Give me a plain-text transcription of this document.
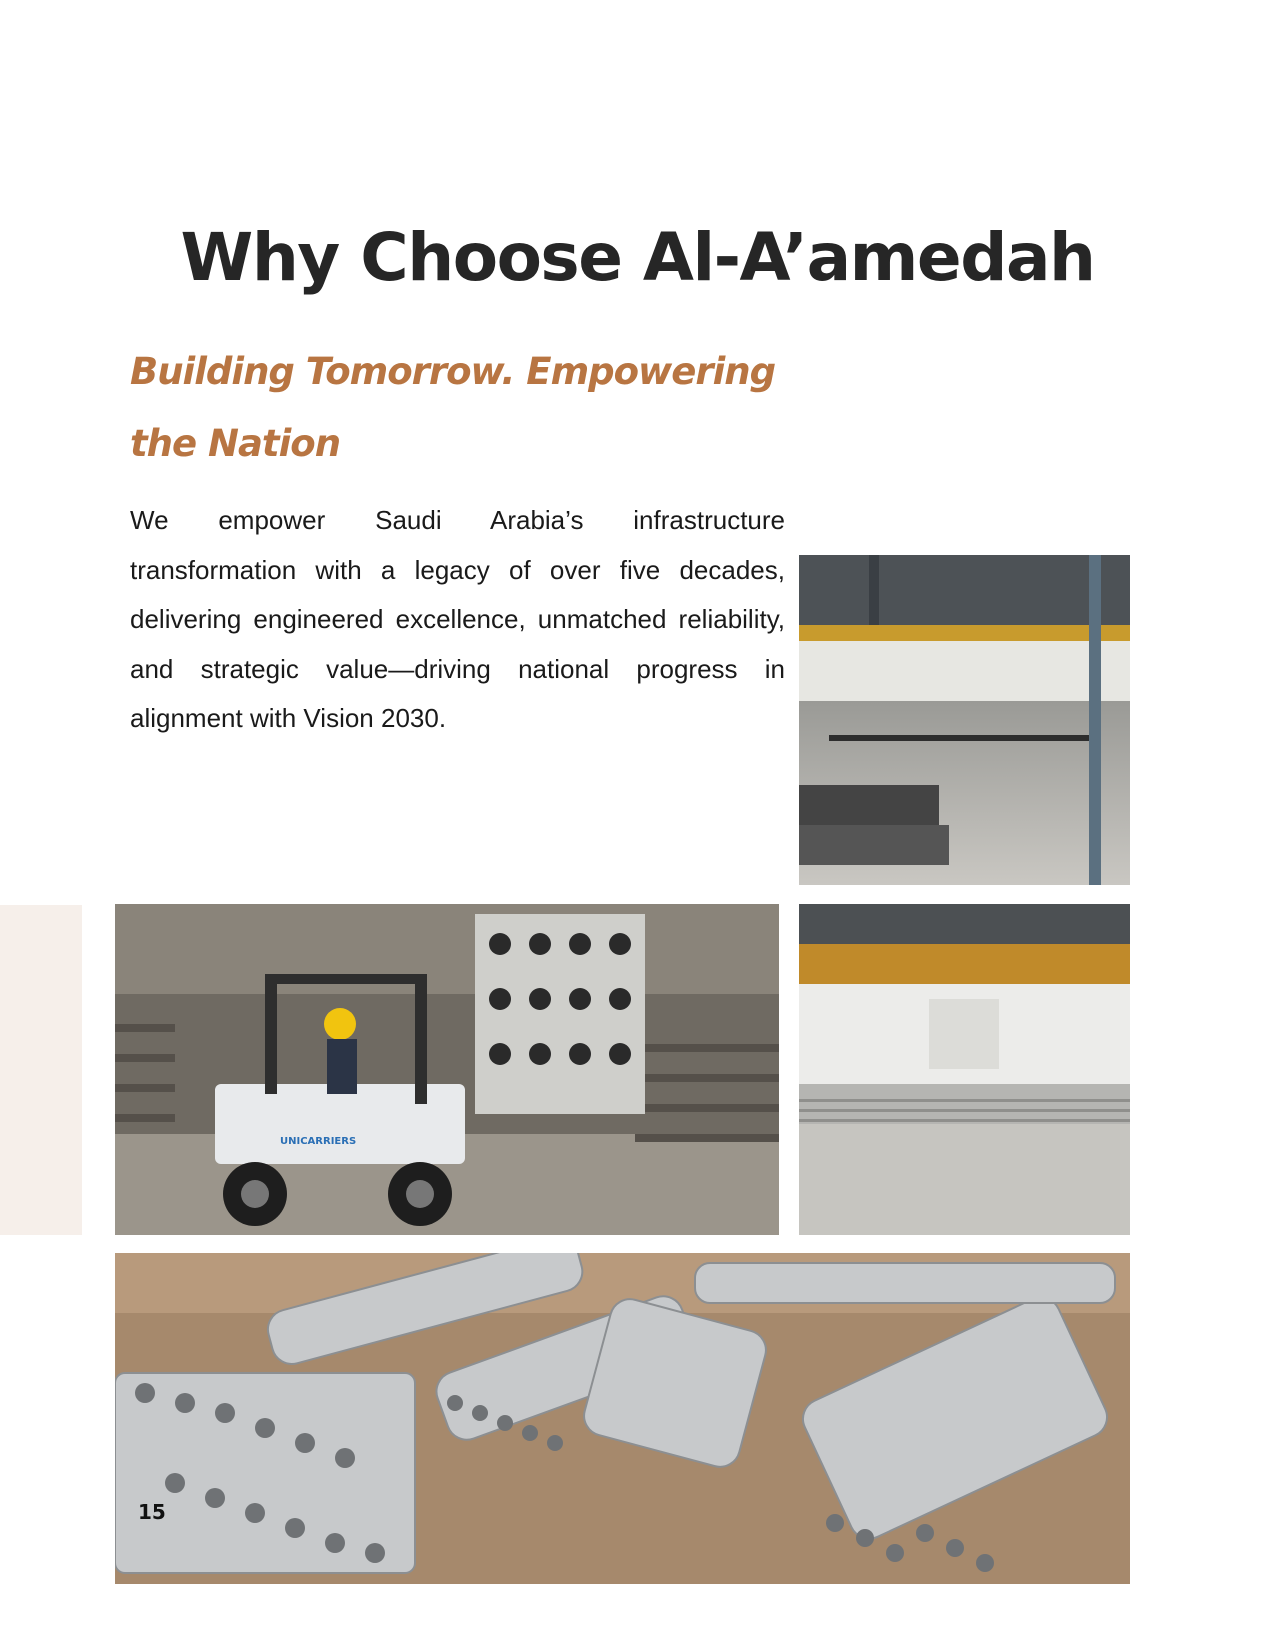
Why Choose Al-A’amedah
Building Tomorrow. Empowering
the Nation

We empower Saudi Arabia’s infrastructure transformation with a legacy of over five decades, delivering engineered excellence, unmatched reliability, and strategic value—driving national progress in alignment with Vision 2030.

UNICARRIERS
15
